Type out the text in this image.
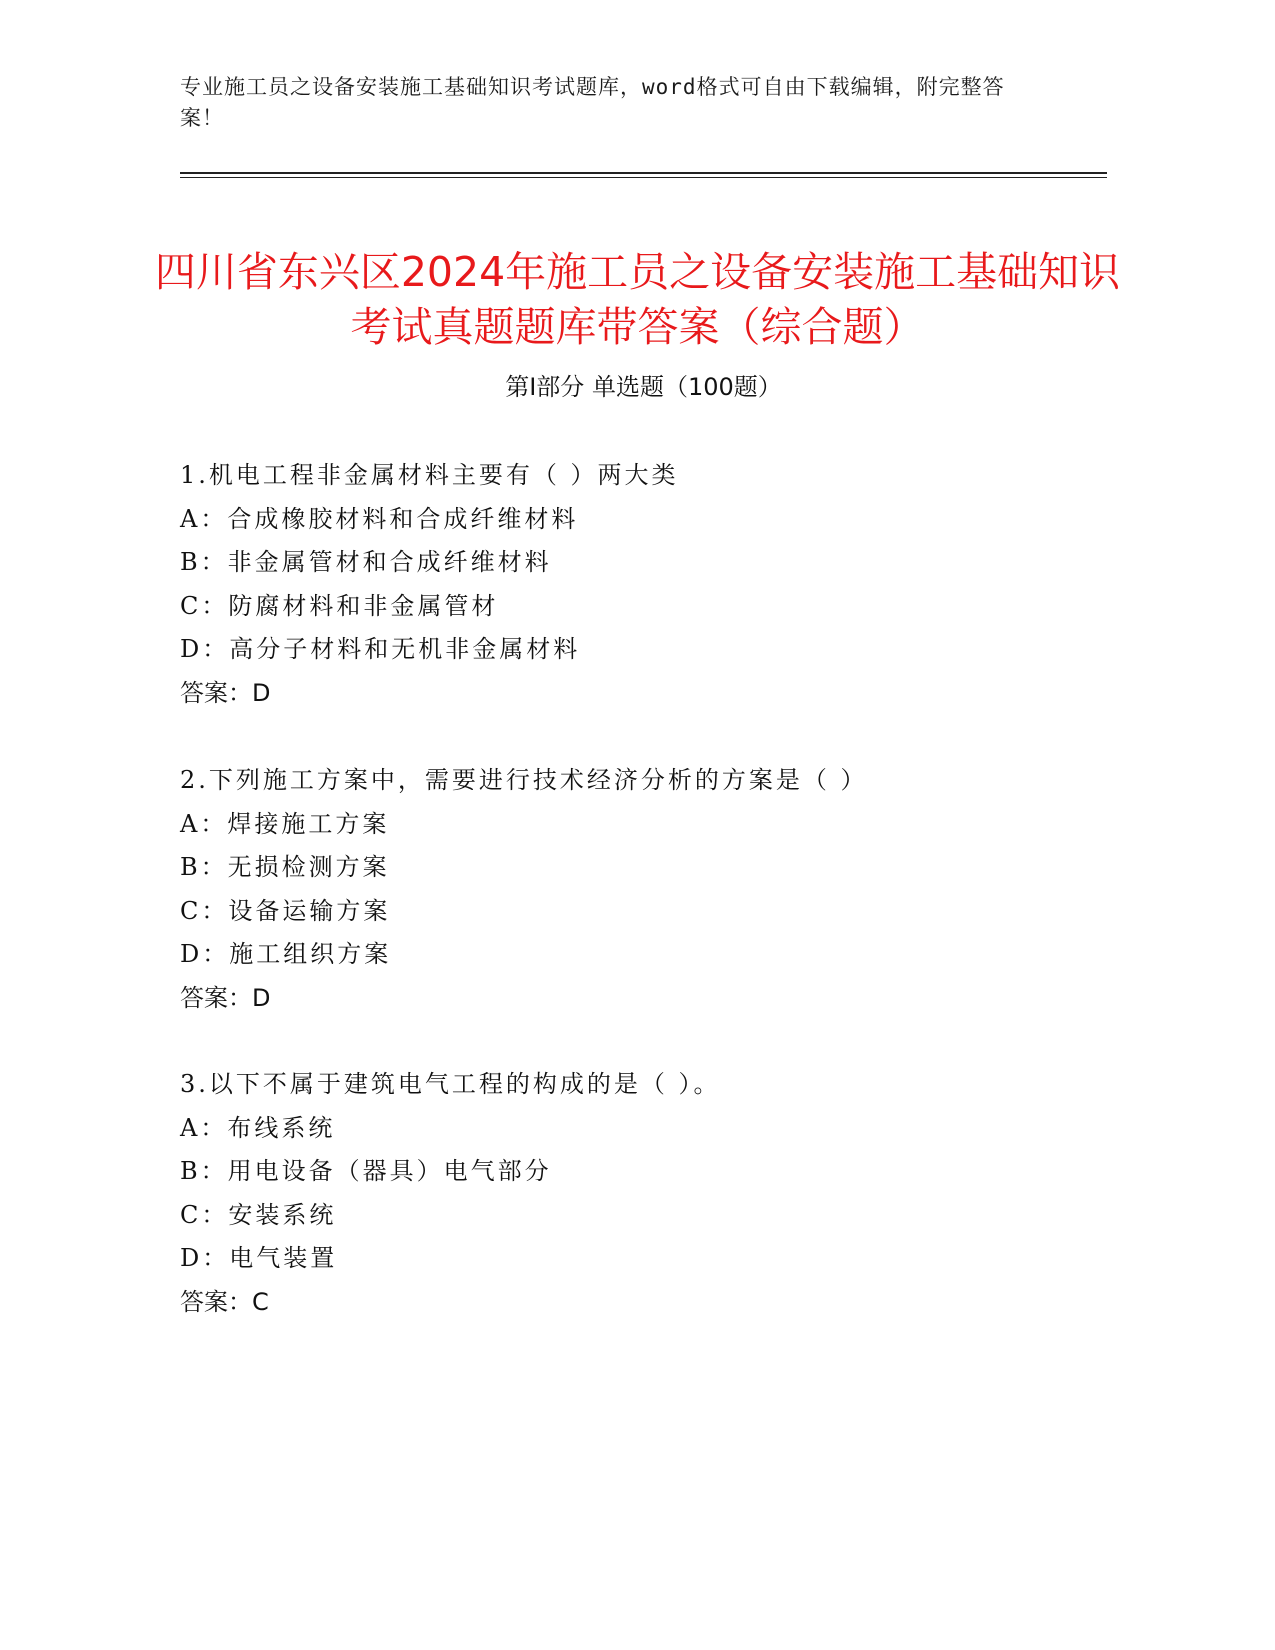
专业施工员之设备安装施工基础知识考试题库，word格式可自由下载编辑，附完整答案！
四川省东兴区2024年施工员之设备安装施工基础知识考试真题题库带答案（综合题）
第Ⅰ部分 单选题（100题）
1.机电工程非金属材料主要有（ ）两大类
A：合成橡胶材料和合成纤维材料
B：非金属管材和合成纤维材料
C：防腐材料和非金属管材
D：高分子材料和无机非金属材料
答案：D
2.下列施工方案中，需要进行技术经济分析的方案是（ ）
A：焊接施工方案
B：无损检测方案
C：设备运输方案
D：施工组织方案
答案：D
3.以下不属于建筑电气工程的构成的是（ ）。
A：布线系统
B：用电设备（器具）电气部分
C：安装系统
D：电气装置
答案：C
